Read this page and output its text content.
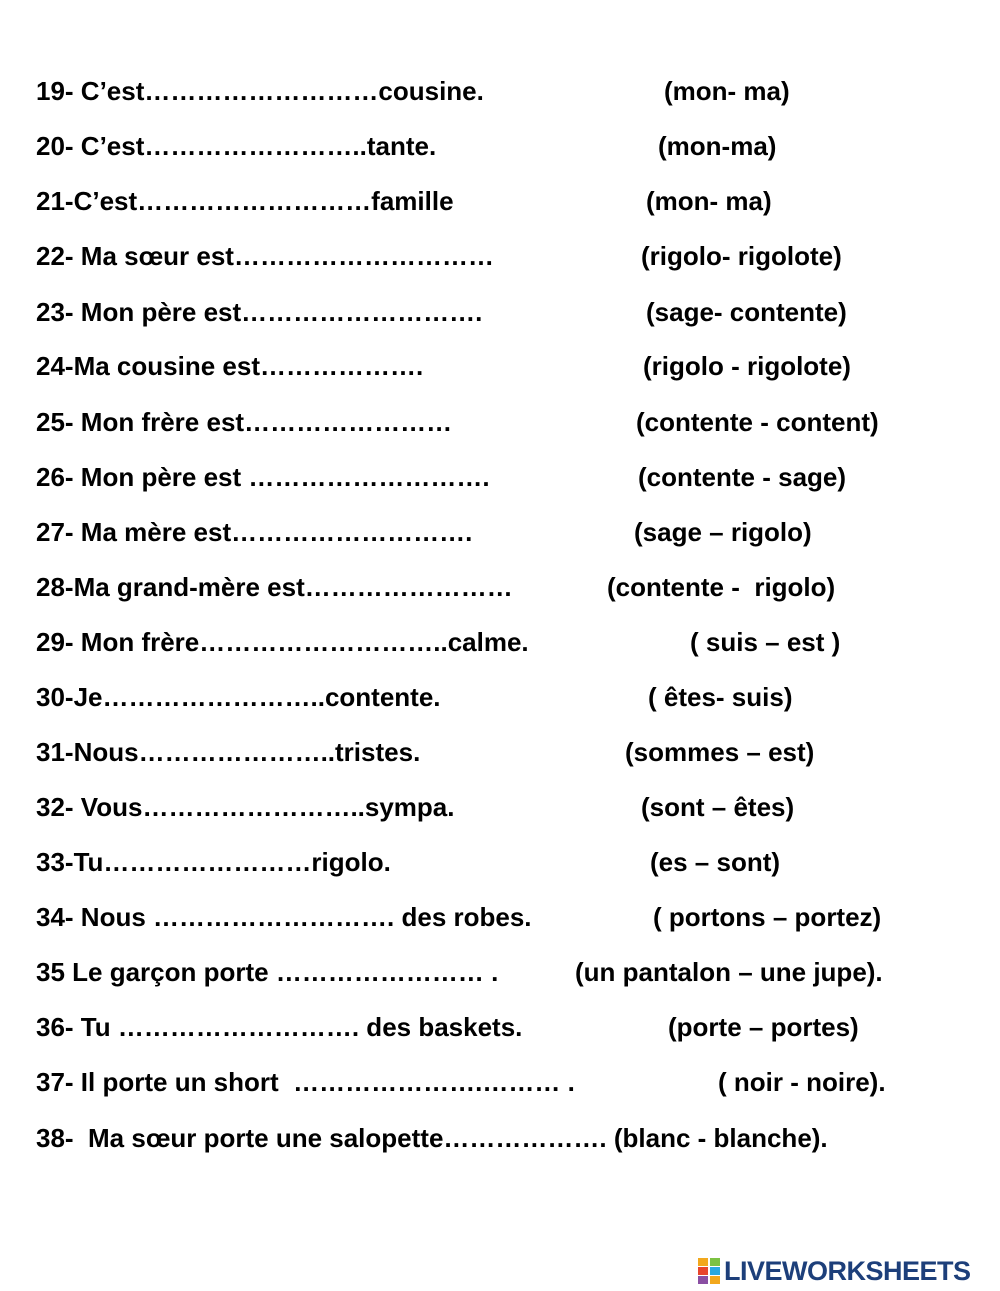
19- C’est………………………cousine.	(mon- ma)
20- C’est……………………..tante.	(mon-ma)
21-C’est………………………famille	(mon- ma)
22- Ma sœur est…………………………	(rigolo- rigolote)
23- Mon père est……………………….	(sage- contente)
24-Ma cousine est……………….	(rigolo - rigolote)
25- Mon frère est……………………	(contente - content)
26- Mon père est ……………………….	(contente - sage)
27- Ma mère est……………………….	(sage – rigolo)
28-Ma grand-mère est……………………	(contente -  rigolo)
29- Mon frère………………………..calme.	( suis – est )
30-Je……………………..contente.	( êtes- suis)
31-Nous…………………..tristes.	(sommes – est)
32- Vous……………………..sympa.	(sont – êtes)
33-Tu……………………rigolo.	(es – sont)
34- Nous ………………………. des robes.	( portons – portez)
35 Le garçon porte …………………… .	(un pantalon – une jupe).
36- Tu ………………………. des baskets.	(porte – portes)
37- Il porte un short  ………………….……… .	( noir - noire).
38-  Ma sœur porte une salopette………………. (blanc - blanche).
LIVEWORKSHEETS
